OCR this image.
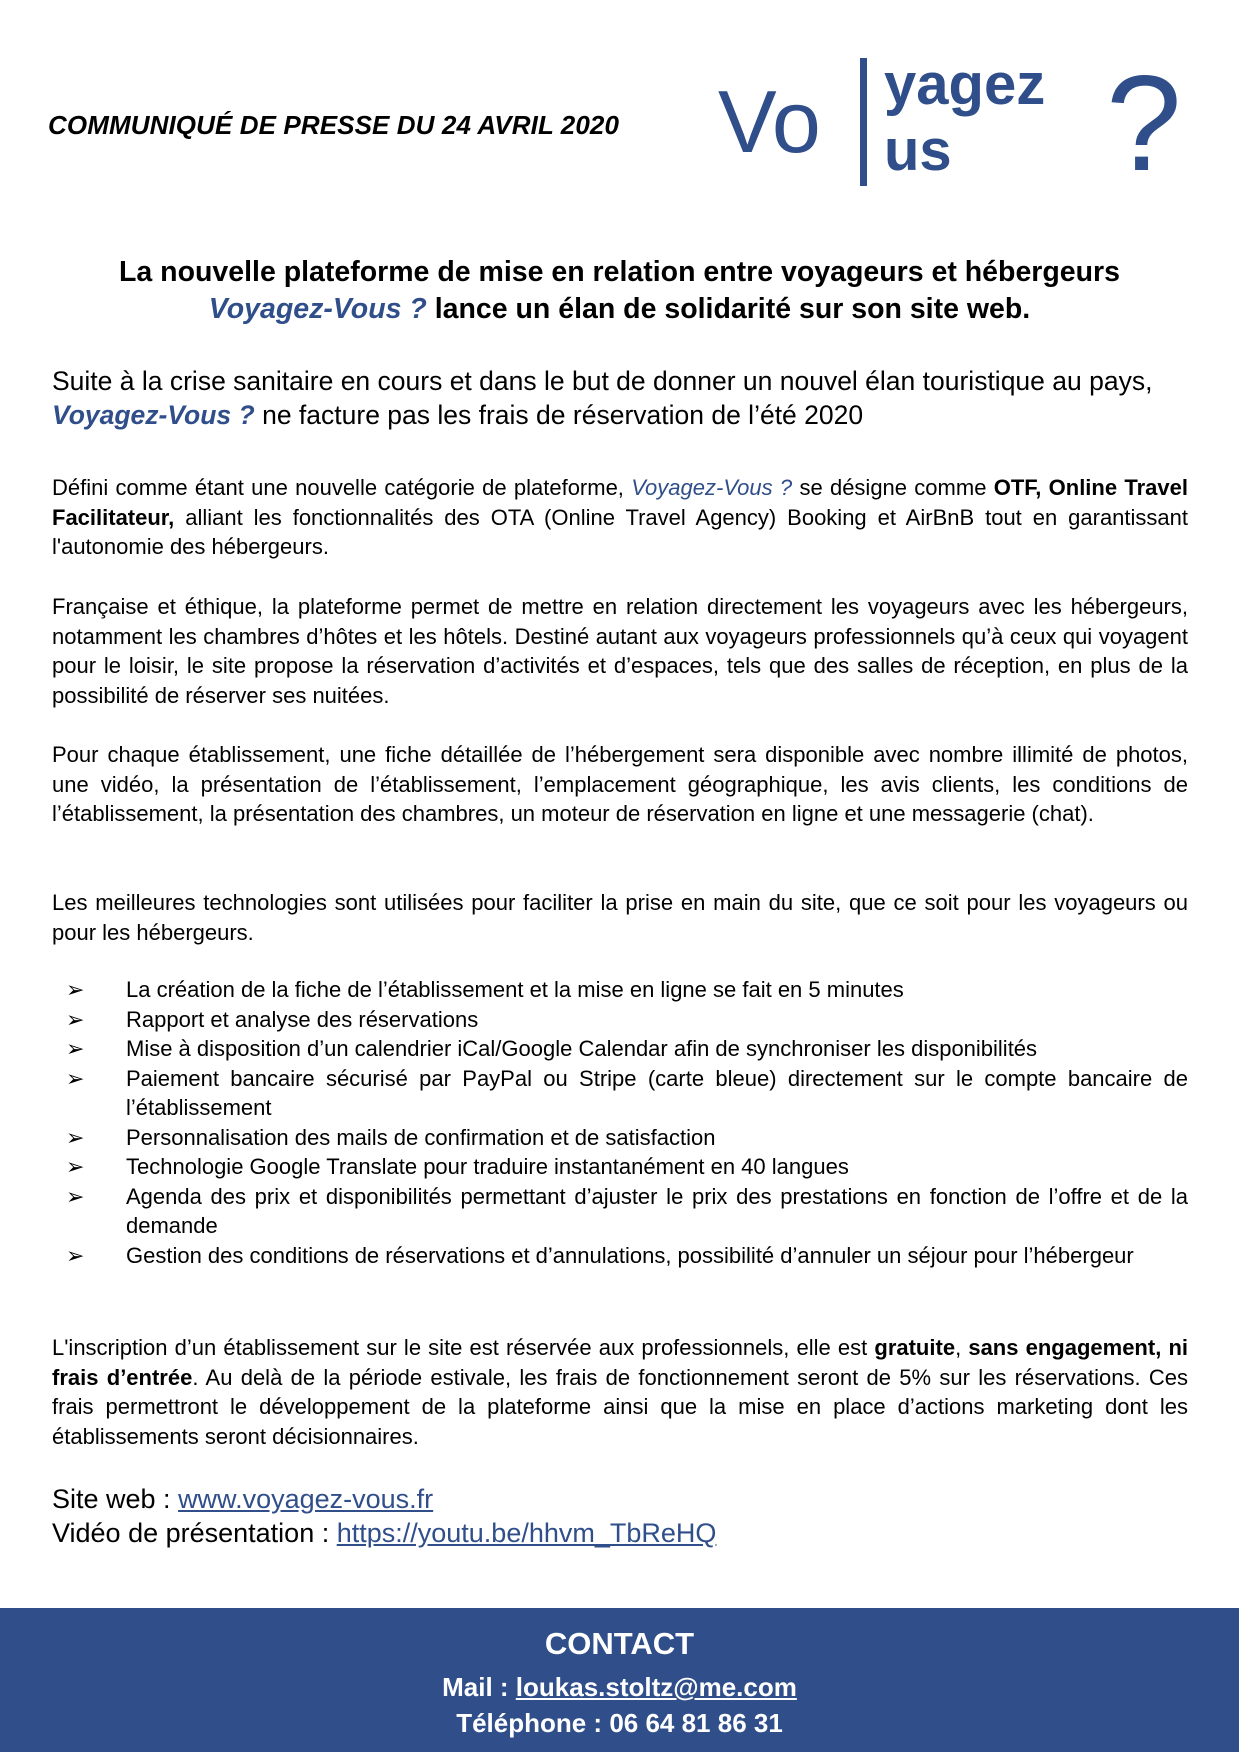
COMMUNIQUÉ DE PRESSE DU 24 AVRIL 2020 Vo yagez
us ?
La nouvelle plateforme de mise en relation entre voyageurs et hébergeurs
Voyagez-Vous ? lance un élan de solidarité sur son site web.
Suite à la crise sanitaire en cours et dans le but de donner un nouvel élan touristique au pays, Voyagez-Vous ? ne facture pas les frais de réservation de l’été 2020

Défini comme étant une nouvelle catégorie de plateforme, Voyagez-Vous ? se désigne comme OTF, Online Travel Facilitateur, alliant les fonctionnalités des OTA (Online Travel Agency) Booking et AirBnB tout en garantissant l'autonomie des hébergeurs.

Française et éthique, la plateforme permet de mettre en relation directement les voyageurs avec les hébergeurs, notamment les chambres d’hôtes et les hôtels. Destiné autant aux voyageurs professionnels qu’à ceux qui voyagent pour le loisir, le site propose la réservation d’activités et d’espaces, tels que des salles de réception, en plus de la possibilité de réserver ses nuitées.

Pour chaque établissement, une fiche détaillée de l’hébergement sera disponible avec nombre illimité de photos, une vidéo, la présentation de l’établissement, l’emplacement géographique, les avis clients, les conditions de l’établissement, la présentation des chambres, un moteur de réservation en ligne et une messagerie (chat).

Les meilleures technologies sont utilisées pour faciliter la prise en main du site, que ce soit pour les voyageurs ou pour les hébergeurs.

➢ La création de la fiche de l’établissement et la mise en ligne se fait en 5 minutes
➢ Rapport et analyse des réservations
➢ Mise à disposition d’un calendrier iCal/Google Calendar afin de synchroniser les disponibilités
➢ Paiement bancaire sécurisé par PayPal ou Stripe (carte bleue) directement sur le compte bancaire de l’établissement
➢ Personnalisation des mails de confirmation et de satisfaction
➢ Technologie Google Translate pour traduire instantanément en 40 langues
➢ Agenda des prix et disponibilités permettant d’ajuster le prix des prestations en fonction de l’offre et de la demande
➢ Gestion des conditions de réservations et d’annulations, possibilité d’annuler un séjour pour l’hébergeur

L'inscription d’un établissement sur le site est réservée aux professionnels, elle est gratuite, sans engagement, ni frais d’entrée. Au delà de la période estivale, les frais de fonctionnement seront de 5% sur les réservations. Ces frais permettront le développement de la plateforme ainsi que la mise en place d’actions marketing dont les établissements seront décisionnaires.

Site web : www.voyagez-vous.fr
Vidéo de présentation : https://youtu.be/hhvm_TbReHQ
CONTACT
Mail : loukas.stoltz@me.com
Téléphone : 06 64 81 86 31
